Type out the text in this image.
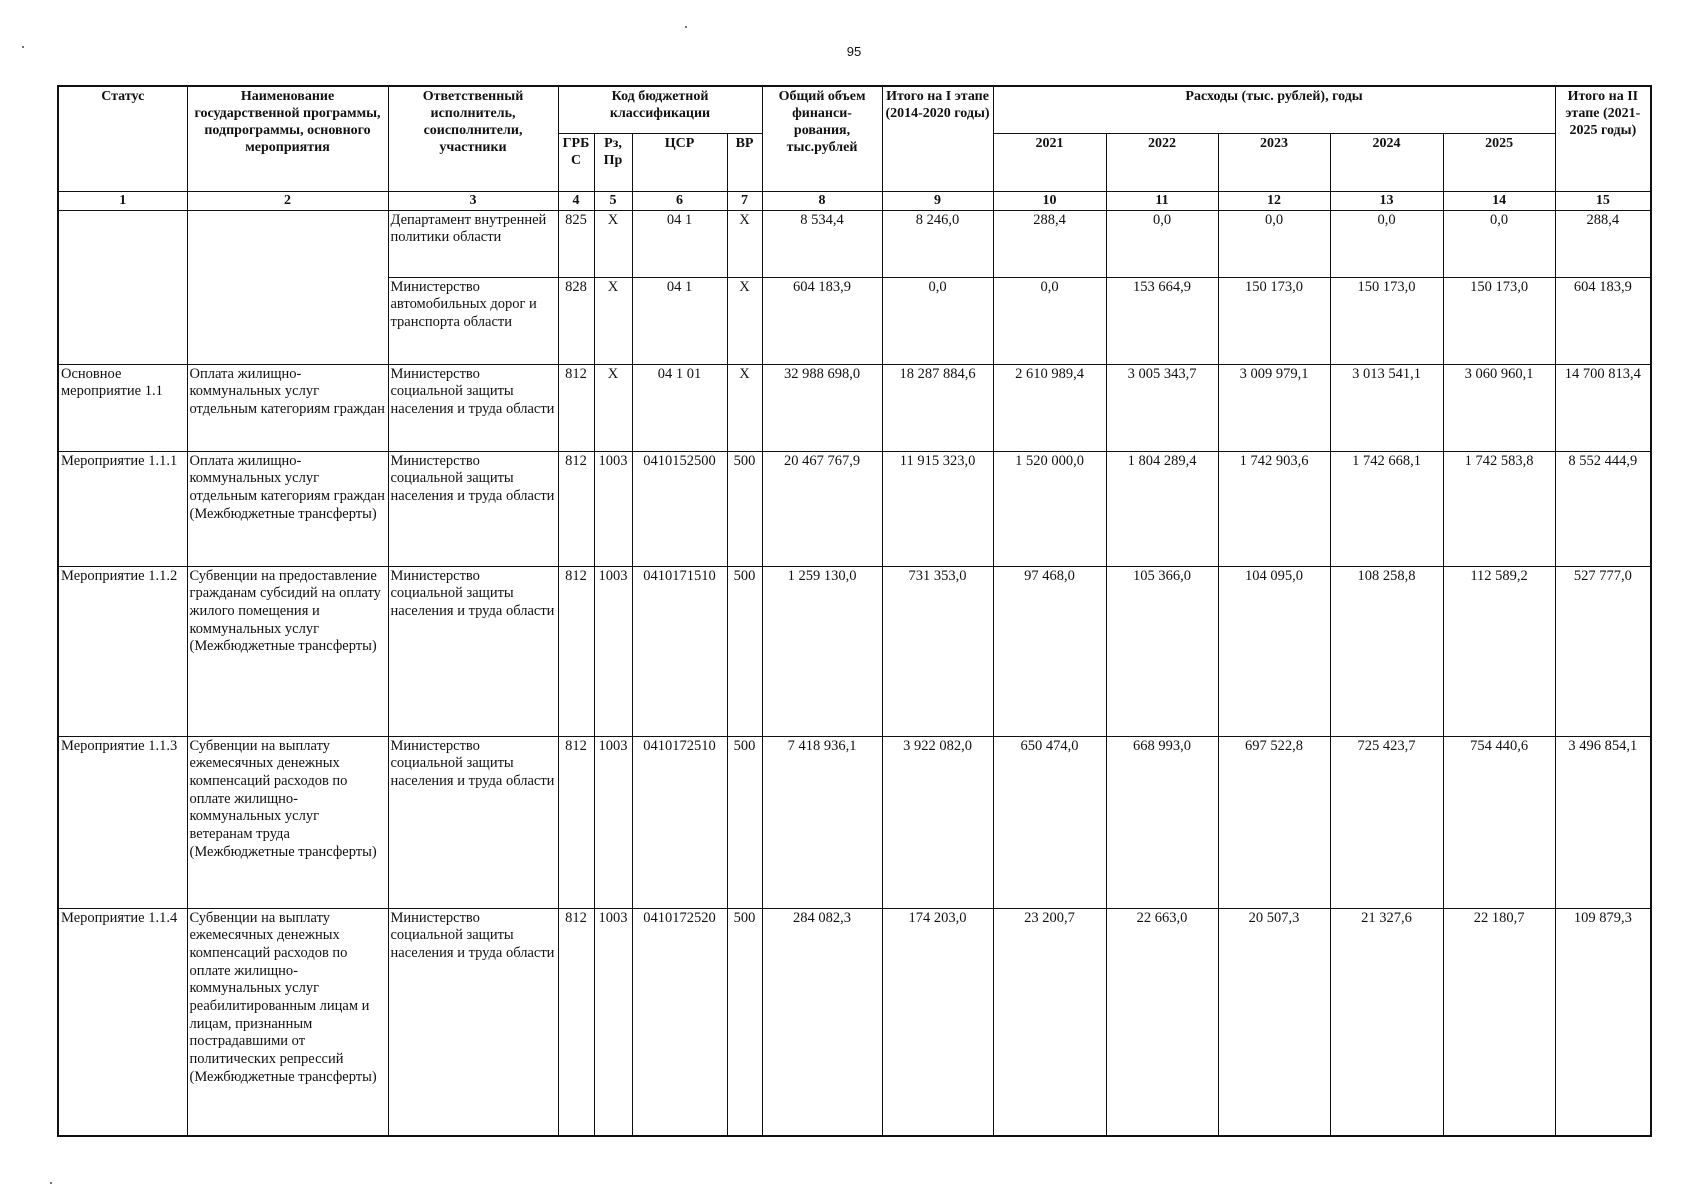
95
Статус	Наименование государственной программы, подпрограммы, основного мероприятия	Ответственный исполнитель, соисполнители, участники	Код бюджетной классификации				Общий объем финанси-рования, тыс.рублей	Итого на I этапе (2014-2020 годы)	Расходы (тыс. рублей), годы					Итого на II этапе (2021-2025 годы)
			ГРБС	Рз, Пр	ЦСР	ВР			2021	2022	2023	2024	2025	
1	2	3	4	5	6	7	8	9	10	11	12	13	14	15
		Департамент внутренней политики области	825	X	04 1	X	8 534,4	8 246,0	288,4	0,0	0,0	0,0	0,0	288,4
		Министерство автомобильных дорог и транспорта области	828	X	04 1	X	604 183,9	0,0	0,0	153 664,9	150 173,0	150 173,0	150 173,0	604 183,9
Основное мероприятие 1.1	Оплата жилищно-коммунальных услуг отдельным категориям граждан	Министерство социальной защиты населения и труда области	812	X	04 1 01	X	32 988 698,0	18 287 884,6	2 610 989,4	3 005 343,7	3 009 979,1	3 013 541,1	3 060 960,1	14 700 813,4
Мероприятие 1.1.1	Оплата жилищно-коммунальных услуг отдельным категориям граждан (Межбюджетные трансферты)	Министерство социальной защиты населения и труда области	812	1003	0410152500	500	20 467 767,9	11 915 323,0	1 520 000,0	1 804 289,4	1 742 903,6	1 742 668,1	1 742 583,8	8 552 444,9
Мероприятие 1.1.2	Субвенции на предоставление гражданам субсидий на оплату жилого помещения и коммунальных услуг (Межбюджетные трансферты)	Министерство социальной защиты населения и труда области	812	1003	0410171510	500	1 259 130,0	731 353,0	97 468,0	105 366,0	104 095,0	108 258,8	112 589,2	527 777,0
Мероприятие 1.1.3	Субвенции на выплату ежемесячных денежных компенсаций расходов по оплате жилищно-коммунальных услуг ветеранам труда (Межбюджетные трансферты)	Министерство социальной защиты населения и труда области	812	1003	0410172510	500	7 418 936,1	3 922 082,0	650 474,0	668 993,0	697 522,8	725 423,7	754 440,6	3 496 854,1
Мероприятие 1.1.4	Субвенции на выплату ежемесячных денежных компенсаций расходов по оплате жилищно-коммунальных услуг реабилитированным лицам и лицам, признанным пострадавшими от политических репрессий (Межбюджетные трансферты)	Министерство социальной защиты населения и труда области	812	1003	0410172520	500	284 082,3	174 203,0	23 200,7	22 663,0	20 507,3	21 327,6	22 180,7	109 879,3
